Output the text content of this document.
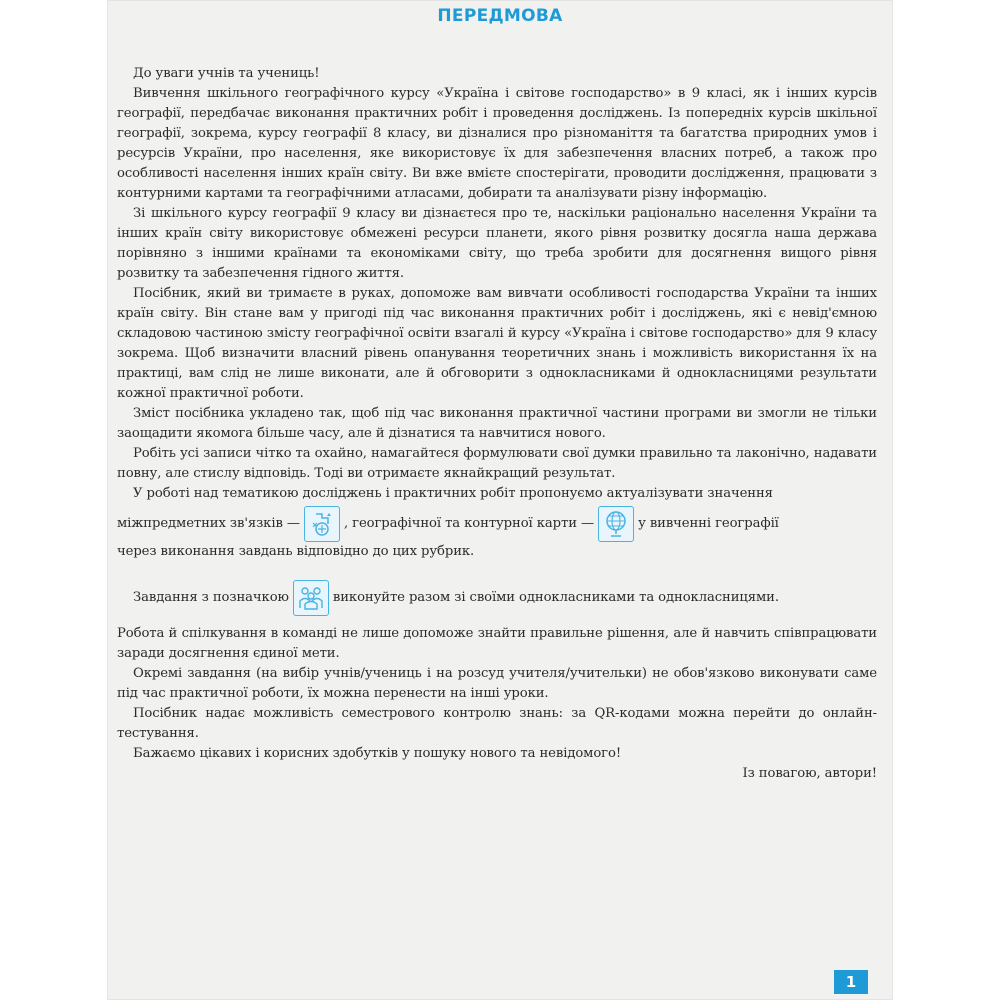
ПЕРЕДМОВА

До уваги учнів та учениць!

Вивчення шкільного географічного курсу «Україна і світове господарство» в 9 класі, як і інших курсів географії, передбачає виконання практичних робіт і проведення досліджень. Із попередніх курсів шкільної географії, зокрема, курсу географії 8 класу, ви дізналися про різноманіття та багатства природних умов і ресурсів України, про населення, яке використовує їх для забезпечення власних потреб, а також про особливості населення інших країн світу. Ви вже вмієте спостерігати, проводити дослідження, працювати з контурними картами та географічними атласами, добирати та аналізувати різну інформацію.

Зі шкільного курсу географії 9 класу ви дізнаєтеся про те, наскільки раціонально населення України та інших країн світу використовує обмежені ресурси планети, якого рівня розвитку досягла наша держава порівняно з іншими країнами та економіками світу, що треба зробити для досягнення вищого рівня розвитку та забезпечення гідного життя.

Посібник, який ви тримаєте в руках, допоможе вам вивчати особливості господарства України та інших країн світу. Він стане вам у пригоді під час виконання практичних робіт і досліджень, які є невід'ємною складовою частиною змісту географічної освіти взагалі й курсу «Україна і світове господарство» для 9 класу зокрема. Щоб визначити власний рівень опанування теоретичних знань і можливість використання їх на практиці, вам слід не лише виконати, але й обговорити з однокласниками й однокласницями результати кожної практичної роботи.

Зміст посібника укладено так, щоб під час виконання практичної частини програми ви змогли не тільки заощадити якомога більше часу, але й дізнатися та навчитися нового.

Робіть усі записи чітко та охайно, намагайтеся формулювати свої думки правильно та лаконічно, надавати повну, але стислу відповідь. Тоді ви отримаєте якнайкращий результат.

У роботі над тематикою досліджень і практичних робіт пропонуємо актуалізувати значення

міжпредметних зв'язків —	, географічної та контурної карти —	у вивченні географії

через виконання завдань відповідно до цих рубрик.

Завдання з позначкою	виконуйте разом зі своїми однокласниками та однокласницями.

Робота й спілкування в команді не лише допоможе знайти правильне рішення, але й навчить співпрацювати заради досягнення єдиної мети.

Окремі завдання (на вибір учнів/учениць і на розсуд учителя/учительки) не обов'язково виконувати саме під час практичної роботи, їх можна перенести на інші уроки.

Посібник надає можливість семестрового контролю знань: за QR-кодами можна перейти до онлайн-тестування.

Бажаємо цікавих і корисних здобутків у пошуку нового та невідомого!

Із повагою, автори!

1
